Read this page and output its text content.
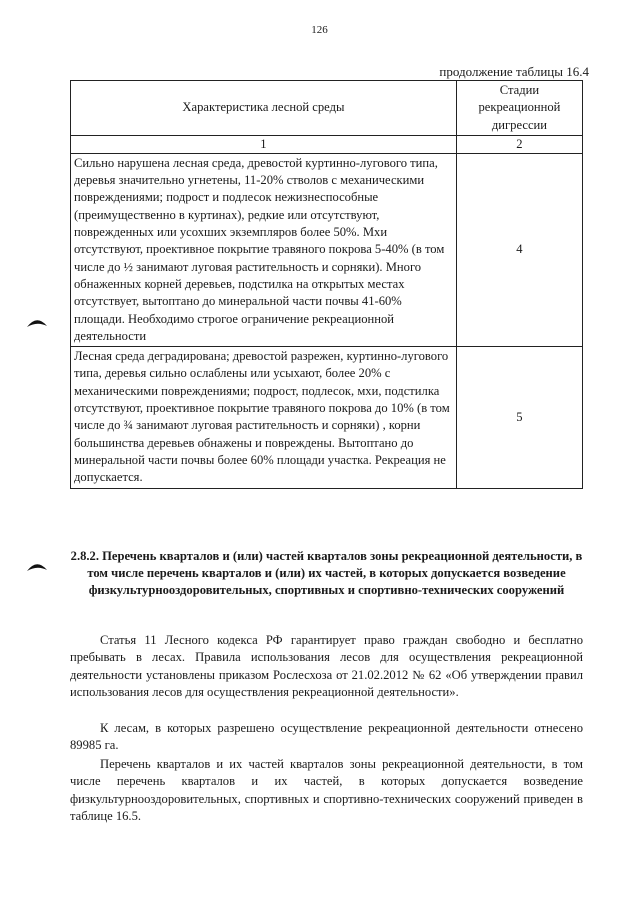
126
продолжение таблицы 16.4
Характеристика лесной среды	Стадии рекреационной дигрессии
1	2
Сильно нарушена лесная среда, древостой куртинно-лугового типа, деревья значительно угнетены, 11-20% стволов с механическими повреждениями; подрост и подлесок нежизнеспособные (преимущественно в куртинах), редкие или отсутствуют, поврежденных или усохших экземпляров более 50%. Мхи отсутствуют, проективное покрытие травяного покрова 5-40% (в том числе до ½ занимают луговая растительность и сорняки). Много обнаженных корней деревьев, подстилка на открытых местах отсутствует, вытоптано до минеральной части почвы 41-60% площади. Необходимо строгое ограничение рекреационной деятельности	4
Лесная среда деградирована; древостой разрежен, куртинно-лугового типа, деревья сильно ослаблены или усыхают, более 20% с механическими повреждениями; подрост, подлесок, мхи, подстилка отсутствуют, проективное покрытие травяного покрова до 10% (в том числе до ¾ занимают луговая растительность и сорняки) , корни большинства деревьев обнажены и повреждены. Вытоптано до минеральной части почвы более 60% площади участка. Рекреация не допускается.	5
2.8.2. Перечень кварталов и (или) частей кварталов зоны рекреационной деятельности, в том числе перечень кварталов и (или) их частей, в которых допускается возведение физкультурнооздоровительных, спортивных и спортивно-технических сооружений

Статья 11 Лесного кодекса РФ гарантирует право граждан свободно и бесплатно пребывать в лесах. Правила использования лесов для осуществления рекреационной деятельности установлены приказом Рослесхоза от 21.02.2012 № 62 «Об утверждении правил использования лесов для осуществления рекреационной деятельности».

К лесам, в которых разрешено осуществление рекреационной деятельности отнесено 89985 га.

Перечень кварталов и их частей кварталов зоны рекреационной деятельности, в том числе перечень кварталов и их частей, в которых допускается возведение физкультурнооздоровительных, спортивных и спортивно-технических сооружений приведен в таблице 16.5.
